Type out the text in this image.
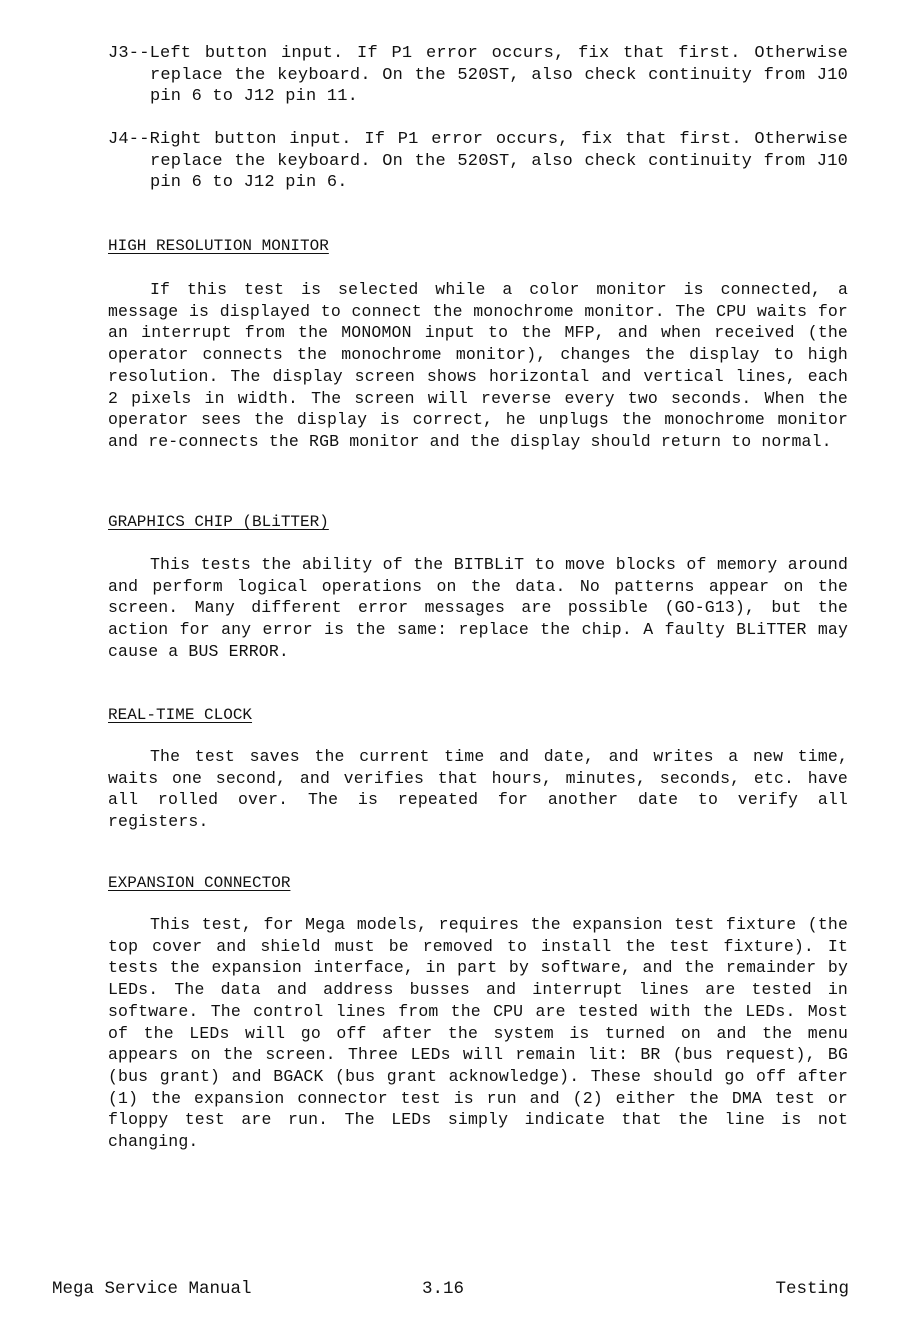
J3--Left button input. If P1 error occurs, fix that first. Otherwise replace the keyboard. On the 520ST, also check continuity from J10 pin 6 to J12 pin 11.
J4--Right button input. If P1 error occurs, fix that first. Otherwise replace the keyboard. On the 520ST, also check continuity from J10 pin 6 to J12 pin 6.
HIGH RESOLUTION MONITOR
If this test is selected while a color monitor is connected, a message is displayed to connect the monochrome monitor. The CPU waits for an interrupt from the MONOMON input to the MFP, and when received (the operator connects the monochrome monitor), changes the display to high resolution. The display screen shows horizontal and vertical lines, each 2 pixels in width. The screen will reverse every two seconds. When the operator sees the display is correct, he unplugs the monochrome monitor and re-connects the RGB monitor and the display should return to normal.
GRAPHICS CHIP (BLiTTER)
This tests the ability of the BITBLiT to move blocks of memory around and perform logical operations on the data. No patterns appear on the screen. Many different error messages are possible (GO-G13), but the action for any error is the same: replace the chip. A faulty BLiTTER may cause a BUS ERROR.
REAL-TIME CLOCK
The test saves the current time and date, and writes a new time, waits one second, and verifies that hours, minutes, seconds, etc. have all rolled over. The is repeated for another date to verify all registers.
EXPANSION CONNECTOR
This test, for Mega models, requires the expansion test fixture (the top cover and shield must be removed to install the test fixture). It tests the expansion interface, in part by software, and the remainder by LEDs. The data and address busses and interrupt lines are tested in software. The control lines from the CPU are tested with the LEDs. Most of the LEDs will go off after the system is turned on and the menu appears on the screen. Three LEDs will remain lit: BR (bus request), BG (bus grant) and BGACK (bus grant acknowledge). These should go off after (1) the expansion connector test is run and (2) either the DMA test or floppy test are run. The LEDs simply indicate that the line is not changing.
Mega Service Manual	3.16	Testing
